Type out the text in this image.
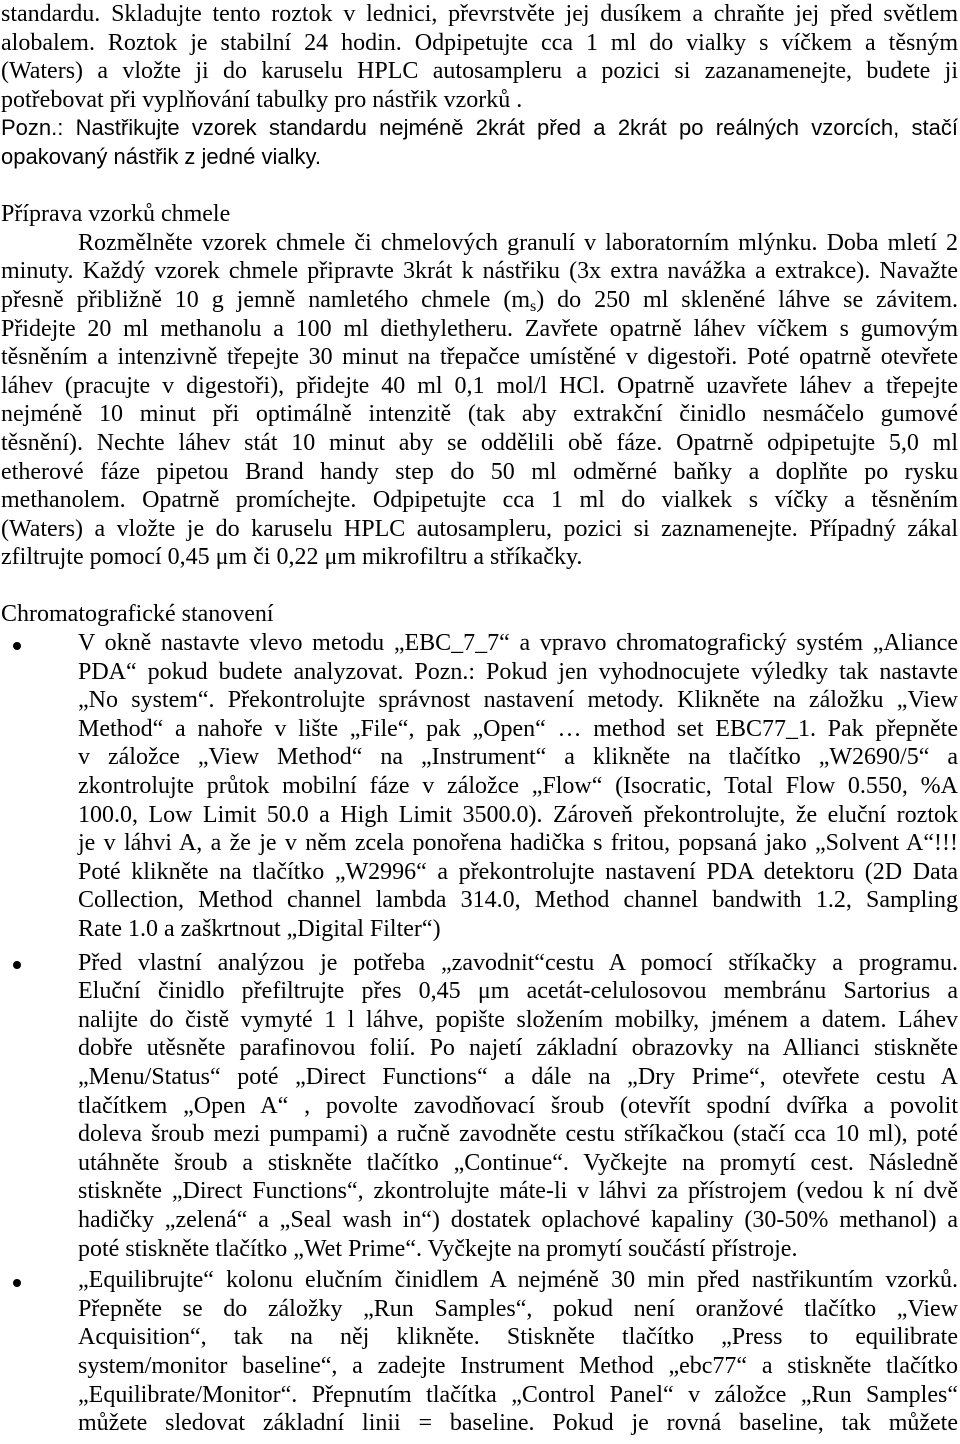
standardu. Skladujte tento roztok v lednici, převrstvěte jej dusíkem a chraňte jej před světlem
alobalem. Roztok je stabilní 24 hodin. Odpipetujte cca 1 ml do vialky s víčkem a těsným
(Waters) a vložte ji do karuselu HPLC autosampleru a pozici si zazanamenejte, budete ji
potřebovat při vyplňování tabulky pro nástřik vzorků .
Pozn.: Nastřikujte vzorek standardu nejméně 2krát před a 2krát po reálných vzorcích, stačí
opakovaný nástřik z jedné vialky.
Příprava vzorků chmele
Rozmělněte vzorek chmele či chmelových granulí v laboratorním mlýnku. Doba mletí 2
minuty. Každý vzorek chmele připravte 3krát k nástřiku (3x extra navážka a extrakce). Navažte
přesně přibližně 10 g jemně namletého chmele $(m_s)$ do 250 ml skleněné láhve se závitem.
Přidejte 20 ml methanolu a 100 ml diethyletheru. Zavřete opatrně láhev víčkem s gumovým
těsněním a intenzivně třepejte 30 minut na třepačce umístěné v digestoři. Poté opatrně otevřete
láhev (pracujte v digestoři), přidejte 40 ml 0,1 mol/l HCl. Opatrně uzavřete láhev a třepejte
nejméně 10 minut při optimálně intenzitě (tak aby extrakční činidlo nesmáčelo gumové
těsnění). Nechte láhev stát 10 minut aby se oddělili obě fáze. Opatrně odpipetujte 5,0 ml
etherové fáze pipetou Brand handy step do 50 ml odměrné baňky a doplňte po rysku
methanolem. Opatrně promíchejte. Odpipetujte cca 1 ml do vialkek s víčky a těsněním
(Waters) a vložte je do karuselu HPLC autosampleru, pozici si zaznamenejte. Případný zákal
zfiltrujte pomocí 0,45 μm či 0,22 μm mikrofiltru a stříkačky.
Chromatografické stanovení
V okně nastavte vlevo metodu „EBC_7_7“ a vpravo chromatografický systém „Aliance
PDA“ pokud budete analyzovat. Pozn.: Pokud jen vyhodnocujete výledky tak nastavte
„No system“. Překontrolujte správnost nastavení metody. Klikněte na záložku „View
Method“ a nahoře v lište „File“, pak „Open“ … method set EBC77_1. Pak přepněte
v záložce „View Method“ na „Instrument“ a klikněte na tlačítko „W2690/5“ a
zkontrolujte průtok mobilní fáze v záložce „Flow“ (Isocratic, Total Flow 0.550, %A
100.0, Low Limit 50.0 a High Limit 3500.0). Zároveň překontrolujte, že eluční roztok
je v láhvi A, a že je v něm zcela ponořena hadička s fritou, popsaná jako „Solvent A“!!!
Poté klikněte na tlačítko „W2996“ a překontrolujte nastavení PDA detektoru (2D Data
Collection, Method channel lambda 314.0, Method channel bandwith 1.2, Sampling
Rate 1.0 a zaškrtnout „Digital Filter“)
Před vlastní analýzou je potřeba „zavodnit“cestu A pomocí stříkačky a programu.
Eluční činidlo přefiltrujte přes 0,45 μm acetát-celulosovou membránu Sartorius a
nalijte do čistě vymyté 1 l láhve, popište složením mobilky, jménem a datem. Láhev
dobře utěsněte parafinovou folií. Po najetí základní obrazovky na Allianci stiskněte
„Menu/Status“ poté „Direct Functions“ a dále na „Dry Prime“, otevřete cestu A
tlačítkem „Open A“ , povolte zavodňovací šroub (otevřít spodní dvířka a povolit
doleva šroub mezi pumpami) a ručně zavodněte cestu stříkačkou (stačí cca 10 ml), poté
utáhněte šroub a stiskněte tlačítko „Continue“. Vyčkejte na promytí cest. Následně
stiskněte „Direct Functions“, zkontrolujte máte-li v láhvi za přístrojem (vedou k ní dvě
hadičky „zelená“ a „Seal wash in“) dostatek oplachové kapaliny (30-50% methanol) a
poté stiskněte tlačítko „Wet Prime“. Vyčkejte na promytí součástí přístroje.
„Equilibrujte“ kolonu elučním činidlem A nejméně 30 min před nastřikuntím vzorků.
Přepněte se do záložky „Run Samples“, pokud není oranžové tlačítko „View
Acquisition“, tak na něj klikněte. Stiskněte tlačítko „Press to equilibrate
system/monitor baseline“, a zadejte Instrument Method „ebc77“ a stiskněte tlačítko
„Equilibrate/Monitor“. Přepnutím tlačítka „Control Panel“ v záložce „Run Samples“
můžete sledovat základní linii = baseline. Pokud je rovná baseline, tak můžete
